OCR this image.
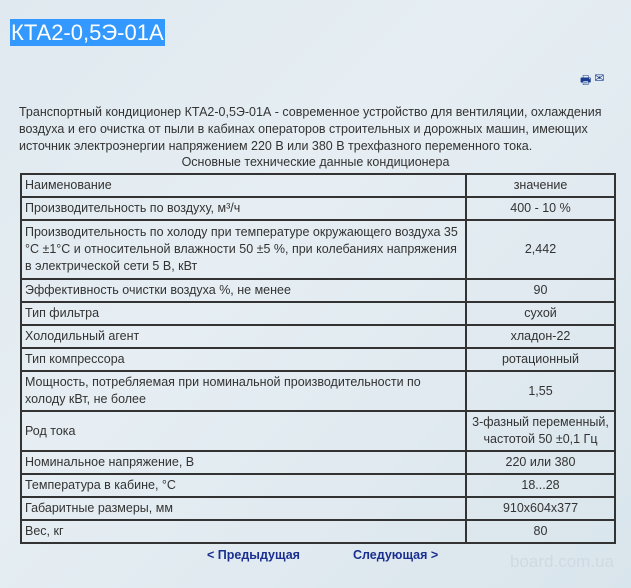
КТА2-0,5Э-01А
🖶 ✉

Транспортный кондиционер КТА2-0,5Э-01А - современное устройство для вентиляции, охлаждения воздуха и его очистка от пыли в кабинах операторов строительных и дорожных машин, имеющих источник электроэнергии напряжением 220 В или 380 В трехфазного переменного тока.

Основные технические данные кондиционера
Наименование	значение
Производительность по воздуху, м³/ч	400 - 10 %
Производительность по холоду при температуре окружающего воздуха 35 °С ±1°С и относительной влажности 50 ±5 %, при колебаниях напряжения в электрической сети 5 В, кВт	2,442
Эффективность очистки воздуха %, не менее	90
Тип фильтра	сухой
Холодильный агент	хладон-22
Тип компрессора	ротационный
Мощность, потребляемая при номинальной производительности по холоду кВт, не более	1,55
Род тока	3-фазный переменный, частотой 50 ±0,1 Гц
Номинальное напряжение, В	220 или 380
Температура в кабине, °С	18...28
Габаритные размеры, мм	910х604х377
Вес, кг	80
< Предыдущая	Следующая >	board.com.ua
